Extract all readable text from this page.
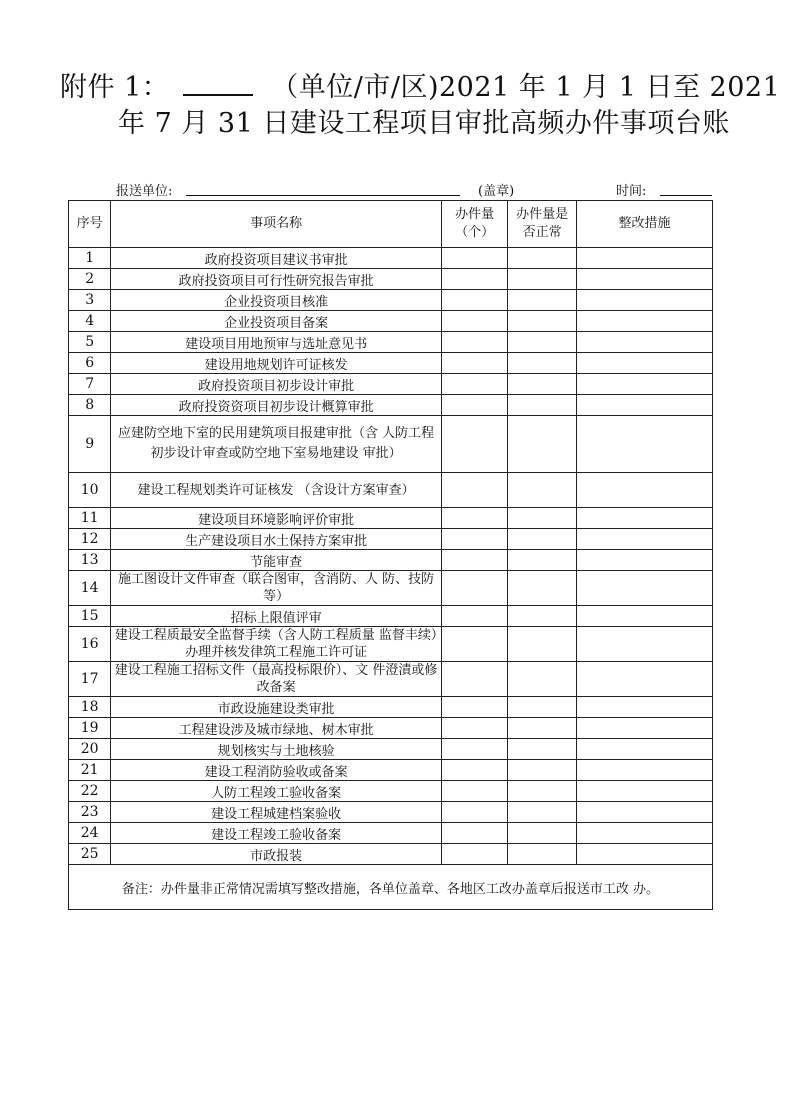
附件 1：	（单位/市/区)2021 年 1 月 1 日至 2021
年 7 月 31 日建设工程项目审批高频办件事项台账
报送单位:	(盖章)	时间:
序号	事项名称	办件量（个）	办件量是否正常	整改措施
1	政府投资项目建议书审批			
2	政府投资项目可行性研究报告审批			
3	企业投资项目核准			
4	企业投资项目备案			
5	建设项目用地预审与选址意见书			
6	建设用地规划许可证核发			
7	政府投资项目初步设计审批			
8	政府投资资项目初步设计概算审批			
9	应建防空地下室的民用建筑项目报建审批（含 人防工程初步设计审查或防空地下室易地建设 审批）			
10	建设工程规划类许可证核发 （含设计方案审查）			
11	建设项目环境影响评价审批			
12	生产建设项目水土保持方案审批			
13	节能审查			
14	施工图设计文件审查（联合图审，含消防、人 防、技防等）			
15	招标上限值评审			
16	建设工程质最安全监督手续（含人防工程质量 监督丰续）办理并核发律筑工程施工许可证			
17	建设工程施工招标文件（最高投标限价）、文 件澄漬或修改备案			
18	市政设施建设类审批			
19	工程建设涉及城市绿地、树木审批			
20	规划核实与土地核验			
21	建设工程消防验收或备案			
22	人防工程竣工验收备案			
23	建设工程城建档案验收			
24	建设工程竣工验收备案			
25	市政报装			
备注：办件量非正常情况需填写整改措施，各单位盖章、各地区工改办盖章后报送市工改 办。				
